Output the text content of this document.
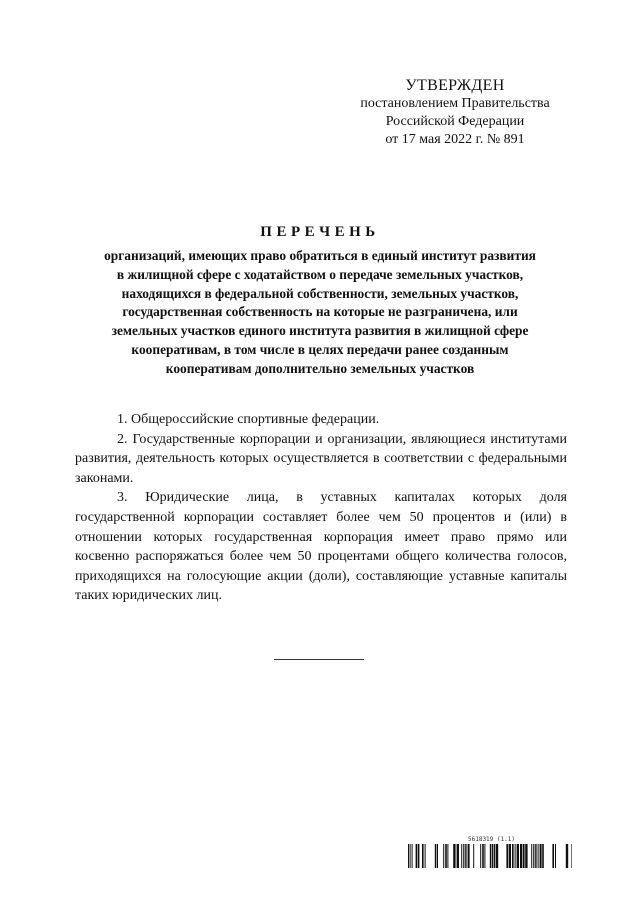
УТВЕРЖДЕН
постановлением Правительства
Российской Федерации
от 17 мая 2022 г. № 891
ПЕРЕЧЕНЬ
организаций, имеющих право обратиться в единый институт развития
в жилищной сфере с ходатайством о передаче земельных участков,
находящихся в федеральной собственности, земельных участков,
государственная собственность на которые не разграничена, или
земельных участков единого института развития в жилищной сфере
кооперативам, в том числе в целях передачи ранее созданным
кооперативам дополнительно земельных участков

1. Общероссийские спортивные федерации.

2. Государственные корпорации и организации, являющиеся институтами развития, деятельность которых осуществляется в соответствии с федеральными законами.

3. Юридические лица, в уставных капиталах которых доля государственной корпорации составляет более чем 50 процентов и (или) в отношении которых государственная корпорация имеет право прямо или косвенно распоряжаться более чем 50 процентами общего количества голосов, приходящихся на голосующие акции (доли), составляющие уставные капиталы таких юридических лиц.

5618319 (1.1)
